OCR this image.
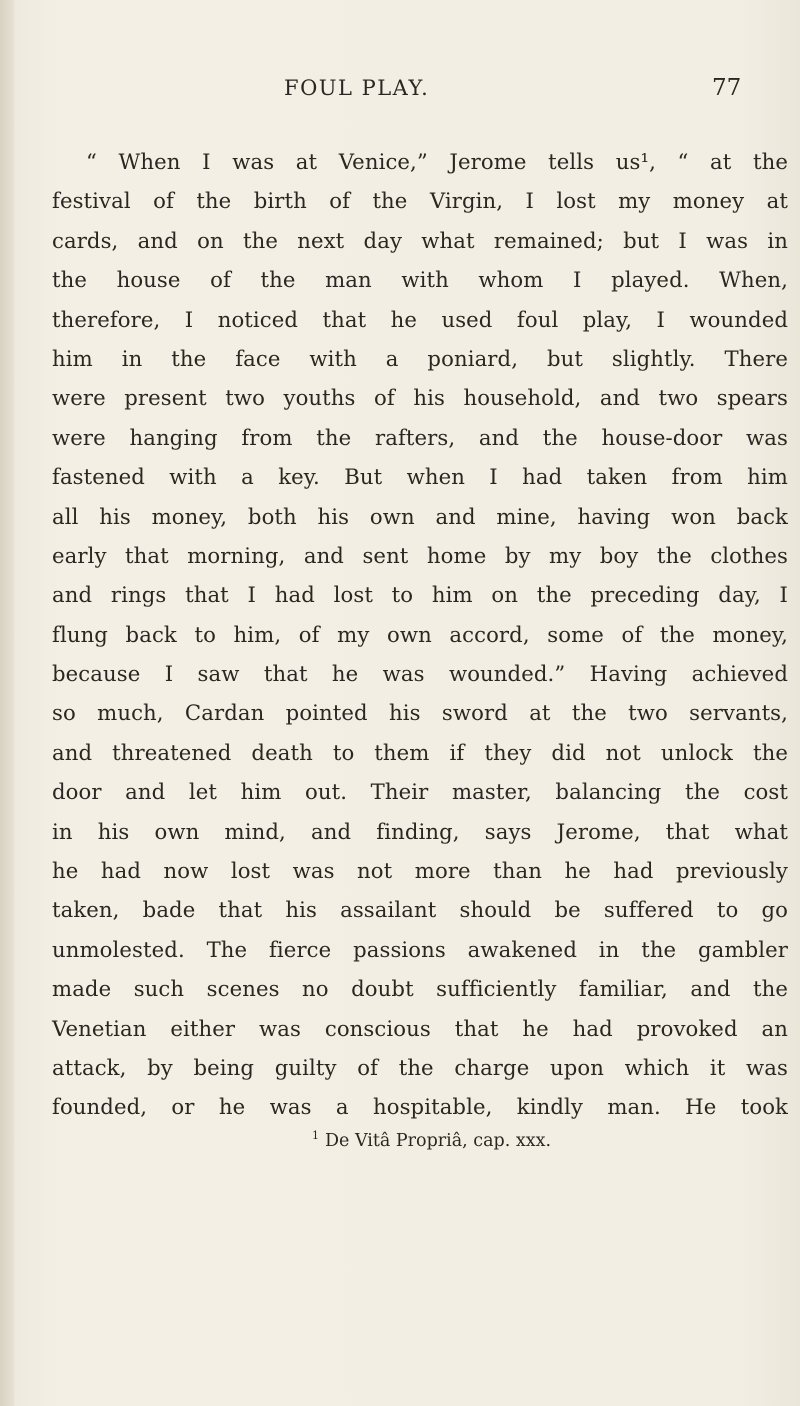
FOUL PLAY.	77
“ When I was at Venice,” Jerome tells us¹, “ at the
festival of the birth of the Virgin, I lost my money at
cards, and on the next day what remained; but I was in
the house of the man with whom I played. When,
therefore, I noticed that he used foul play, I wounded
him in the face with a poniard, but slightly. There
were present two youths of his household, and two spears
were hanging from the rafters, and the house-door was
fastened with a key. But when I had taken from him
all his money, both his own and mine, having won back
early that morning, and sent home by my boy the clothes
and rings that I had lost to him on the preceding day, I
flung back to him, of my own accord, some of the money,
because I saw that he was wounded.” Having achieved
so much, Cardan pointed his sword at the two servants,
and threatened death to them if they did not unlock the
door and let him out. Their master, balancing the cost
in his own mind, and finding, says Jerome, that what
he had now lost was not more than he had previously
taken, bade that his assailant should be suffered to go
unmolested. The fierce passions awakened in the gambler
made such scenes no doubt sufficiently familiar, and the
Venetian either was conscious that he had provoked an
attack, by being guilty of the charge upon which it was
founded, or he was a hospitable, kindly man. He took
$^1$ De Vitâ Propriâ, cap. xxx.
